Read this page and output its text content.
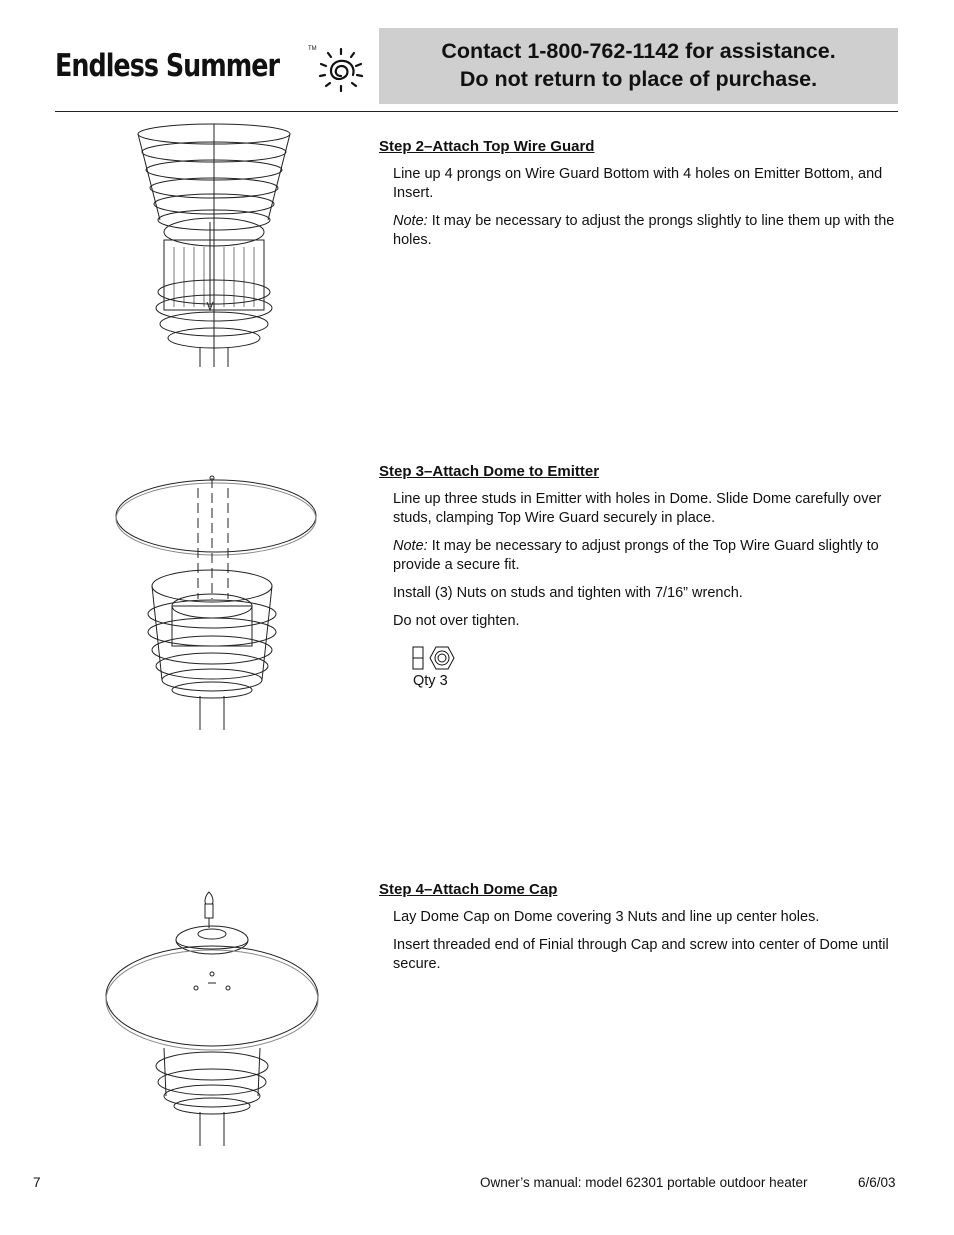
Endless Summer	TM	Contact 1-800-762-1142 for assistance.
Do not return to place of purchase.
Step 2–Attach Top Wire Guard

Line up 4 prongs on Wire Guard Bottom with 4 holes on Emitter Bottom, and Insert.

Note: It may be necessary to adjust the prongs slightly to line them up with the holes.

Step 3–Attach Dome to Emitter

Line up three studs in Emitter with holes in Dome. Slide Dome carefully over studs, clamping Top Wire Guard securely in place.

Note: It may be necessary to adjust prongs of the Top Wire Guard slightly to provide a secure fit.

Install (3) Nuts on studs and tighten with 7/16” wrench.

Do not over tighten.

Qty 3
Step 4–Attach Dome Cap

Lay Dome Cap on Dome covering 3 Nuts and line up center holes.

Insert threaded end of Finial through Cap and screw into center of Dome until secure.

7	Owner’s manual: model 62301 portable outdoor heater	6/6/03
